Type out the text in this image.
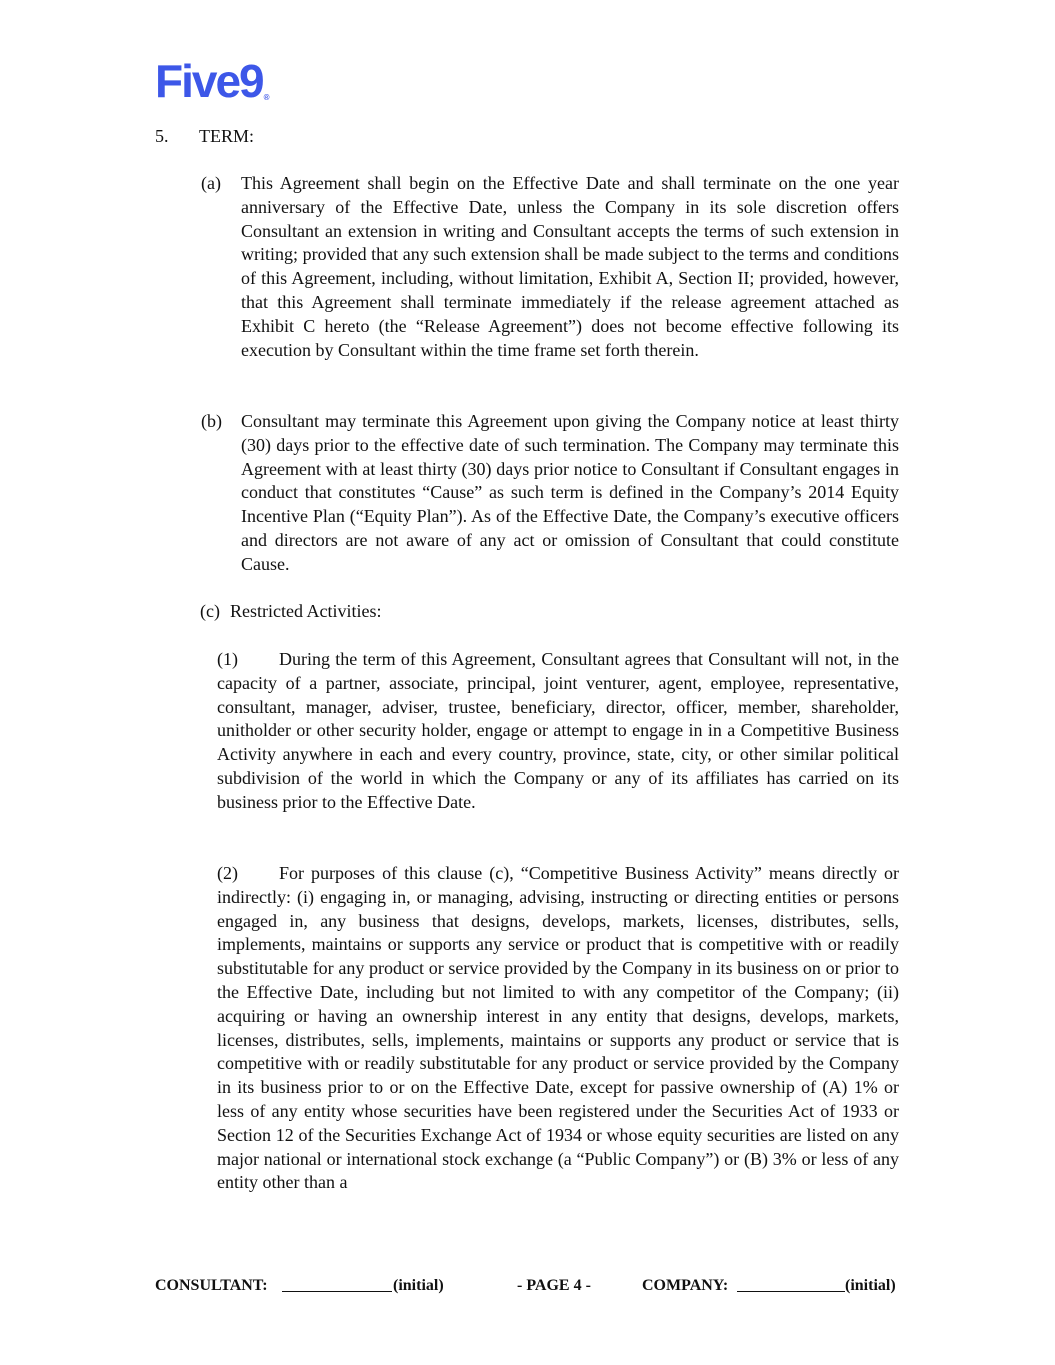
Five9®
5. TERM:
(a)	This Agreement shall begin on the Effective Date and shall terminate on the one year anniversary of the Effective Date, unless the Company in its sole discretion offers Consultant an extension in writing and Consultant accepts the terms of such extension in writing; provided that any such extension shall be made subject to the terms and conditions of this Agreement, including, without limitation, Exhibit A, Section II; provided, however, that this Agreement shall terminate immediately if the release agreement attached as Exhibit C hereto (the “Release Agreement”) does not become effective following its execution by Consultant within the time frame set forth therein.
(b)	Consultant may terminate this Agreement upon giving the Company notice at least thirty (30) days prior to the effective date of such termination. The Company may terminate this Agreement with at least thirty (30) days prior notice to Consultant if Consultant engages in conduct that constitutes “Cause” as such term is defined in the Company’s 2014 Equity Incentive Plan (“Equity Plan”). As of the Effective Date, the Company’s executive officers and directors are not aware of any act or omission of Consultant that could constitute Cause.
(c) Restricted Activities:
(1) During the term of this Agreement, Consultant agrees that Consultant will not, in the capacity of a partner, associate, principal, joint venturer, agent, employee, representative, consultant, manager, adviser, trustee, beneficiary, director, officer, member, shareholder, unitholder or other security holder, engage or attempt to engage in in a Competitive Business Activity anywhere in each and every country, province, state, city, or other similar political subdivision of the world in which the Company or any of its affiliates has carried on its business prior to the Effective Date.
(2) For purposes of this clause (c), “Competitive Business Activity” means directly or indirectly: (i) engaging in, or managing, advising, instructing or directing entities or persons engaged in, any business that designs, develops, markets, licenses, distributes, sells, implements, maintains or supports any service or product that is competitive with or readily substitutable for any product or service provided by the Company in its business on or prior to the Effective Date, including but not limited to with any competitor of the Company; (ii) acquiring or having an ownership interest in any entity that designs, develops, markets, licenses, distributes, sells, implements, maintains or supports any product or service that is competitive with or readily substitutable for any product or service provided by the Company in its business prior to or on the Effective Date, except for passive ownership of (A) 1% or less of any entity whose securities have been registered under the Securities Act of 1933 or Section 12 of the Securities Exchange Act of 1934 or whose equity securities are listed on any major national or international stock exchange (a “Public Company”) or (B) 3% or less of any entity other than a
CONSULTANT:	(initial)	- PAGE 4 -	COMPANY:	(initial)
